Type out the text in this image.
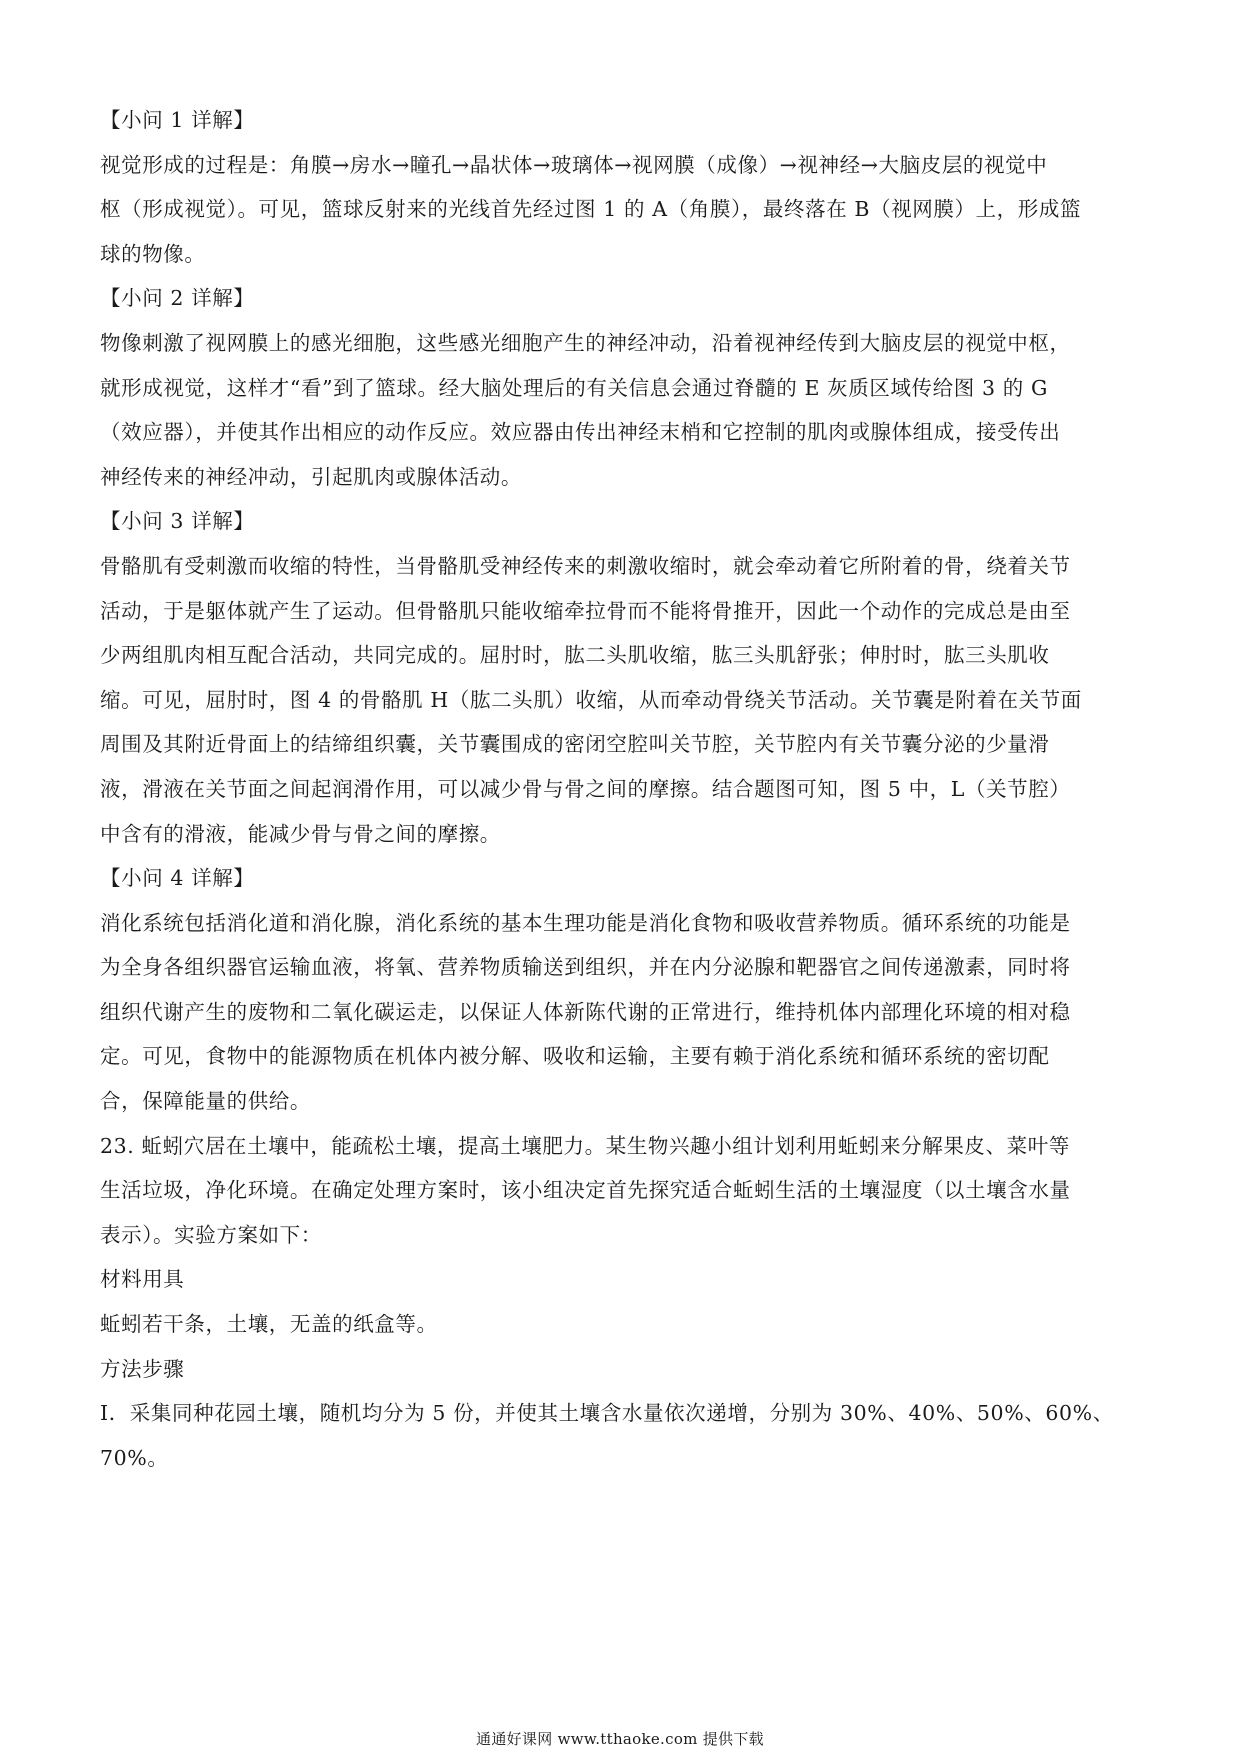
【小问 1 详解】
视觉形成的过程是：角膜→房水→瞳孔→晶状体→玻璃体→视网膜（成像）→视神经→大脑皮层的视觉中
枢（形成视觉）。可见，篮球反射来的光线首先经过图 1 的 A（角膜），最终落在 B（视网膜）上，形成篮
球的物像。
【小问 2 详解】
物像刺激了视网膜上的感光细胞，这些感光细胞产生的神经冲动，沿着视神经传到大脑皮层的视觉中枢，
就形成视觉，这样才“看”到了篮球。经大脑处理后的有关信息会通过脊髓的 E 灰质区域传给图 3 的 G
（效应器），并使其作出相应的动作反应。效应器由传出神经末梢和它控制的肌肉或腺体组成，接受传出
神经传来的神经冲动，引起肌肉或腺体活动。
【小问 3 详解】
骨骼肌有受刺激而收缩的特性，当骨骼肌受神经传来的刺激收缩时，就会牵动着它所附着的骨，绕着关节
活动，于是躯体就产生了运动。但骨骼肌只能收缩牵拉骨而不能将骨推开，因此一个动作的完成总是由至
少两组肌肉相互配合活动，共同完成的。屈肘时，肱二头肌收缩，肱三头肌舒张；伸肘时，肱三头肌收
缩。可见，屈肘时，图 4 的骨骼肌 H（肱二头肌）收缩，从而牵动骨绕关节活动。关节囊是附着在关节面
周围及其附近骨面上的结缔组织囊，关节囊围成的密闭空腔叫关节腔，关节腔内有关节囊分泌的少量滑
液，滑液在关节面之间起润滑作用，可以减少骨与骨之间的摩擦。结合题图可知，图 5 中，L（关节腔）
中含有的滑液，能减少骨与骨之间的摩擦。
【小问 4 详解】
消化系统包括消化道和消化腺，消化系统的基本生理功能是消化食物和吸收营养物质。循环系统的功能是
为全身各组织器官运输血液，将氧、营养物质输送到组织，并在内分泌腺和靶器官之间传递激素，同时将
组织代谢产生的废物和二氧化碳运走，以保证人体新陈代谢的正常进行，维持机体内部理化环境的相对稳
定。可见，食物中的能源物质在机体内被分解、吸收和运输，主要有赖于消化系统和循环系统的密切配
合，保障能量的供给。
23. 蚯蚓穴居在土壤中，能疏松土壤，提高土壤肥力。某生物兴趣小组计划利用蚯蚓来分解果皮、菜叶等
生活垃圾，净化环境。在确定处理方案时，该小组决定首先探究适合蚯蚓生活的土壤湿度（以土壤含水量
表示）。实验方案如下：
材料用具
蚯蚓若干条，土壤，无盖的纸盒等。
方法步骤
I．采集同种花园土壤，随机均分为 5 份，并使其土壤含水量依次递增，分别为 30%、40%、50%、60%、
70%。
通通好课网 www.tthaoke.com 提供下载
